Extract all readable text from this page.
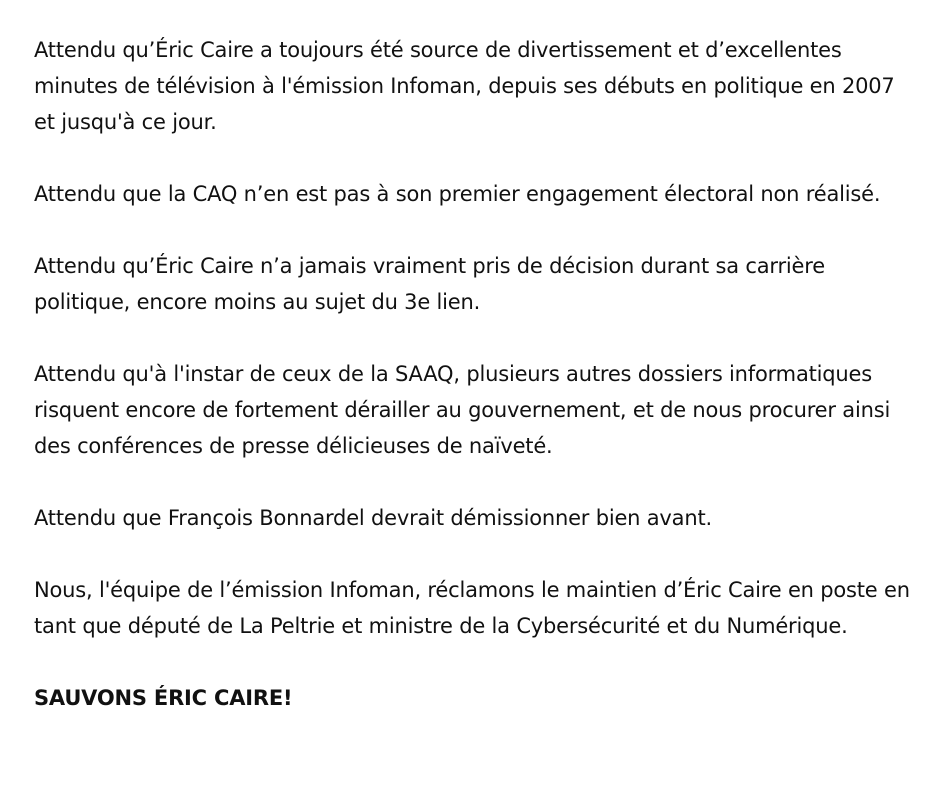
Attendu qu’Éric Caire a toujours été source de divertissement et d’excellentes minutes de télévision à l'émission Infoman, depuis ses débuts en politique en 2007 et jusqu'à ce jour.

Attendu que la CAQ n’en est pas à son premier engagement électoral non réalisé.

Attendu qu’Éric Caire n’a jamais vraiment pris de décision durant sa carrière politique, encore moins au sujet du 3e lien.

Attendu qu'à l'instar de ceux de la SAAQ, plusieurs autres dossiers informatiques risquent encore de fortement dérailler au gouvernement, et de nous procurer ainsi des conférences de presse délicieuses de naïveté.

Attendu que François Bonnardel devrait démissionner bien avant.

Nous, l'équipe de l’émission Infoman, réclamons le maintien d’Éric Caire en poste en tant que député de La Peltrie et ministre de la Cybersécurité et du Numérique.

SAUVONS ÉRIC CAIRE!
